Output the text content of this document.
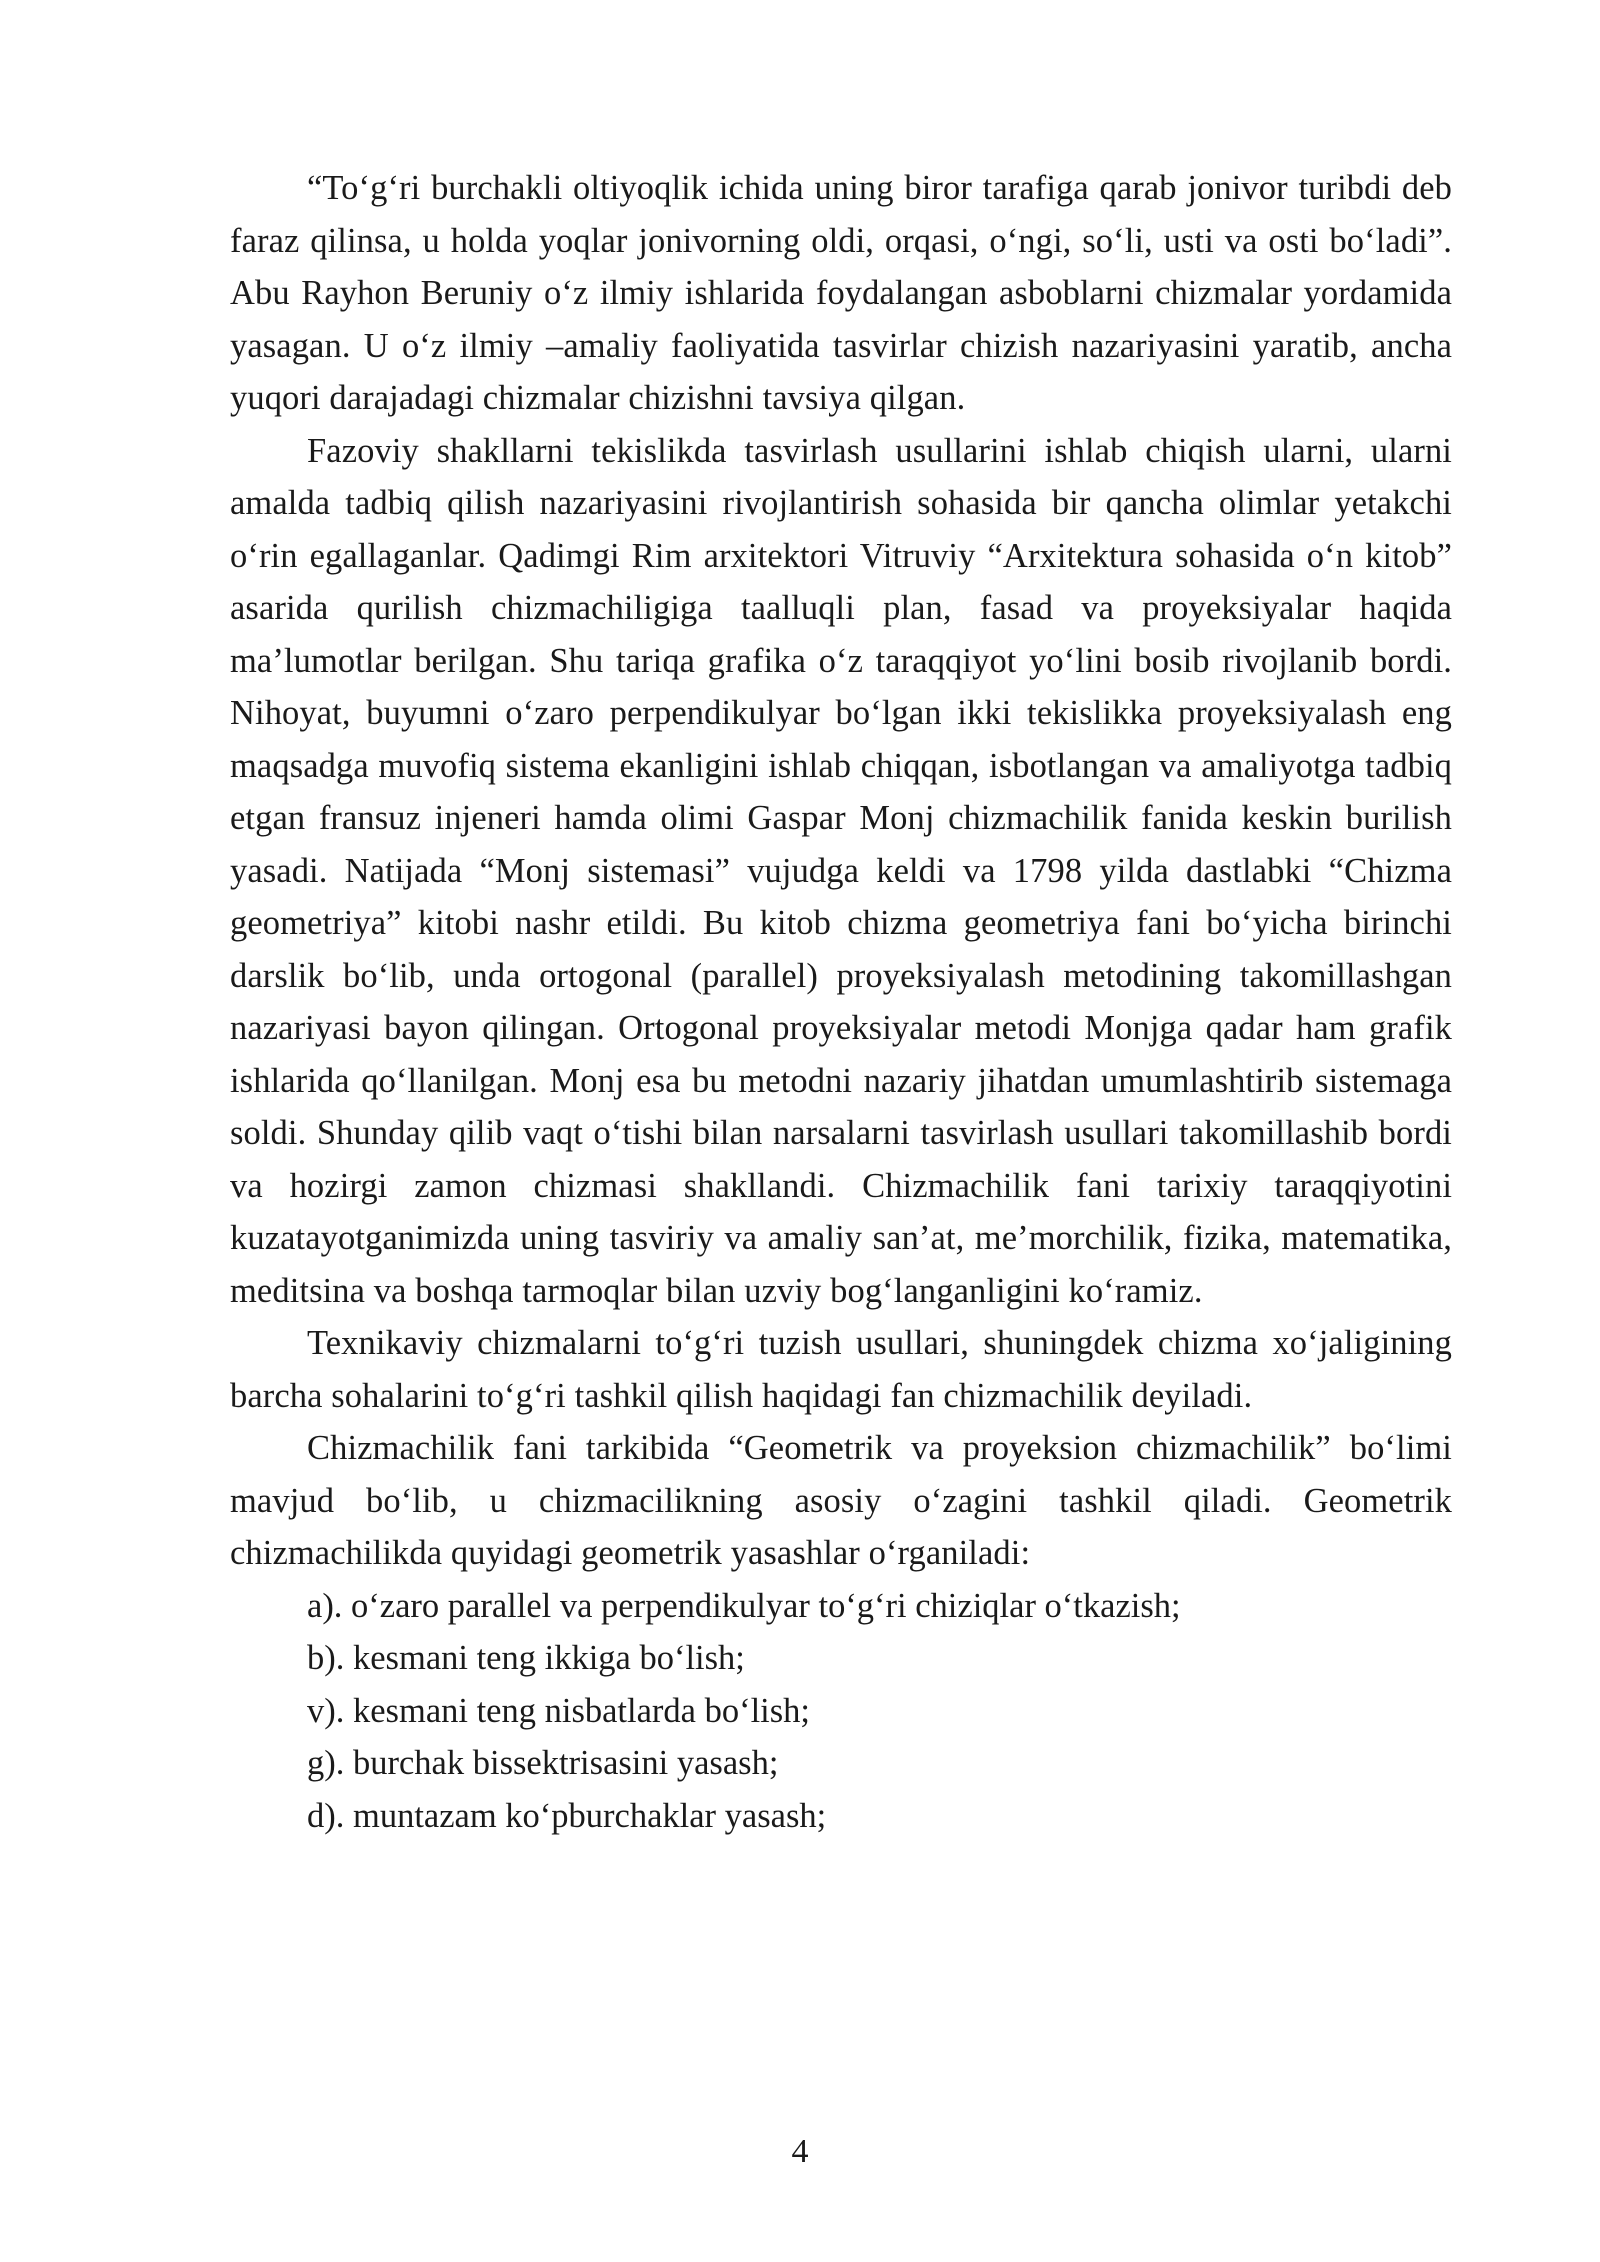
“To‘g‘ri burchakli oltiyoqlik ichida uning biror tarafiga qarab jonivor turibdi deb faraz qilinsa, u holda yoqlar jonivorning oldi, orqasi, o‘ngi, so‘li, usti va osti bo‘ladi”. Abu Rayhon Beruniy o‘z ilmiy ishlarida foydalangan asboblarni chizmalar yordamida yasagan. U o‘z ilmiy –amaliy faoliyatida tasvirlar chizish nazariyasini yaratib, ancha yuqori darajadagi chizmalar chizishni tavsiya qilgan.

Fazoviy shakllarni tekislikda tasvirlash usullarini ishlab chiqish ularni, ularni amalda tadbiq qilish nazariyasini rivojlantirish sohasida bir qancha olimlar yetakchi o‘rin egallaganlar. Qadimgi Rim arxitektori Vitruviy “Arxitektura sohasida o‘n kitob” asarida qurilish chizmachiligiga taalluqli plan, fasad va proyeksiyalar haqida ma’lumotlar berilgan. Shu tariqa grafika o‘z taraqqiyot yo‘lini bosib rivojlanib bordi. Nihoyat, buyumni o‘zaro perpendikulyar bo‘lgan ikki tekislikka proyeksiyalash eng maqsadga muvofiq sistema ekanligini ishlab chiqqan, isbotlangan va amaliyotga tadbiq etgan fransuz injeneri hamda olimi Gaspar Monj chizmachilik fanida keskin burilish yasadi. Natijada “Monj sistemasi” vujudga keldi va 1798 yilda dastlabki “Chizma geometriya” kitobi nashr etildi. Bu kitob chizma geometriya fani bo‘yicha birinchi darslik bo‘lib, unda ortogonal (parallel) proyeksiyalash metodining takomillashgan nazariyasi bayon qilingan. Ortogonal proyeksiyalar metodi Monjga qadar ham grafik ishlarida qo‘llanilgan. Monj esa bu metodni nazariy jihatdan umumlashtirib sistemaga soldi. Shunday qilib vaqt o‘tishi bilan narsalarni tasvirlash usullari takomillashib bordi va hozirgi zamon chizmasi shakllandi. Chizmachilik fani tarixiy taraqqiyotini kuzatayotganimizda uning tasviriy va amaliy san’at, me’morchilik, fizika, matematika, meditsina va boshqa tarmoqlar bilan uzviy bog‘langanligini ko‘ramiz.

Texnikaviy chizmalarni to‘g‘ri tuzish usullari, shuningdek chizma xo‘jaligining barcha sohalarini to‘g‘ri tashkil qilish haqidagi fan chizmachilik deyiladi.

Chizmachilik fani tarkibida “Geometrik va proyeksion chizmachilik” bo‘limi mavjud bo‘lib, u chizmacilikning asosiy o‘zagini tashkil qiladi. Geometrik chizmachilikda quyidagi geometrik yasashlar o‘rganiladi:

a). o‘zaro parallel va perpendikulyar to‘g‘ri chiziqlar o‘tkazish;
b). kesmani teng ikkiga bo‘lish;
v). kesmani teng nisbatlarda bo‘lish;
g). burchak bissektrisasini yasash;
d). muntazam ko‘pburchaklar yasash;
4
